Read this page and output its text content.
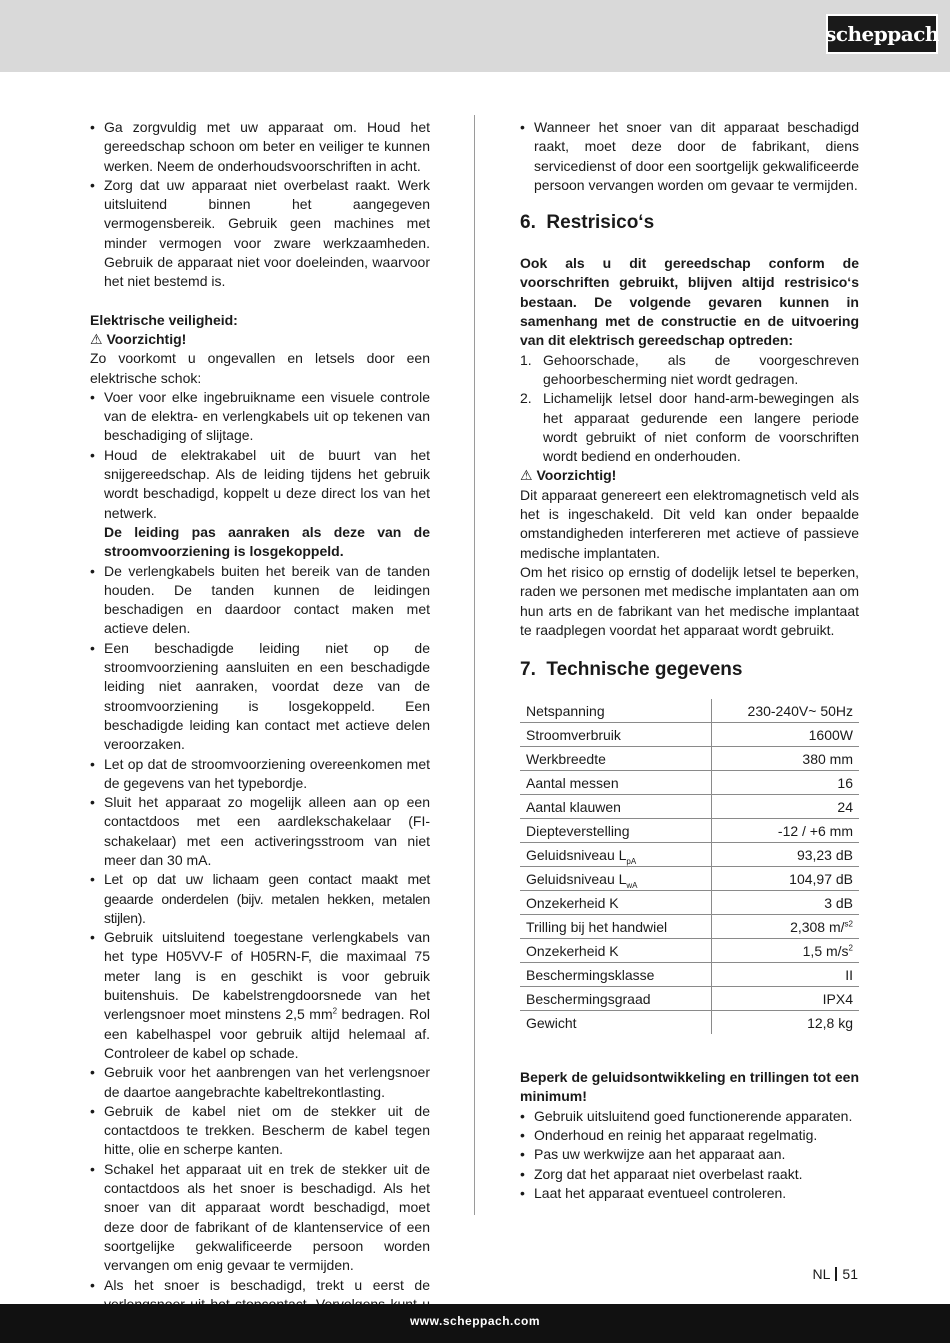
scheppach
• Ga zorgvuldig met uw apparaat om. Houd het gereedschap schoon om beter en veiliger te kunnen werken. Neem de onderhoudsvoorschriften in acht.
• Zorg dat uw apparaat niet overbelast raakt. Werk uitsluitend binnen het aangegeven vermogensbereik. Gebruik geen machines met minder vermogen voor zware werkzaamheden. Gebruik de apparaat niet voor doeleinden, waarvoor het niet bestemd is.

Elektrische veiligheid:

⚠ Voorzichtig!

Zo voorkomt u ongevallen en letsels door een elektrische schok:

• Voer voor elke ingebruikname een visuele controle van de elektra- en verlengkabels uit op tekenen van beschadiging of slijtage.
• Houd de elektrakabel uit de buurt van het snijgereedschap. Als de leiding tijdens het gebruik wordt beschadigd, koppelt u deze direct los van het netwerk.
De leiding pas aanraken als deze van de stroomvoorziening is losgekoppeld.
• De verlengkabels buiten het bereik van de tanden houden. De tanden kunnen de leidingen beschadigen en daardoor contact maken met actieve delen.
• Een beschadigde leiding niet op de stroomvoorziening aansluiten en een beschadigde leiding niet aanraken, voordat deze van de stroomvoorziening is losgekoppeld. Een beschadigde leiding kan contact met actieve delen veroorzaken.
• Let op dat de stroomvoorziening overeenkomen met de gegevens van het typebordje.
• Sluit het apparaat zo mogelijk alleen aan op een contactdoos met een aardlekschakelaar (FI-schakelaar) met een activeringsstroom van niet meer dan 30 mA.
• Let op dat uw lichaam geen contact maakt met geaarde onderdelen (bijv. metalen hekken, metalen stijlen).
• Gebruik uitsluitend toegestane verlengkabels van het type H05VV-F of H05RN-F, die maximaal 75 meter lang is en geschikt is voor gebruik buitenshuis. De kabelstrengdoorsnede van het verlengsnoer moet minstens 2,5 $mm^2$ bedragen. Rol een kabelhaspel voor gebruik altijd helemaal af. Controleer de kabel op schade.
• Gebruik voor het aanbrengen van het verlengsnoer de daartoe aangebrachte kabeltrekontlasting.
• Gebruik de kabel niet om de stekker uit de contactdoos te trekken. Bescherm de kabel tegen hitte, olie en scherpe kanten.
• Schakel het apparaat uit en trek de stekker uit de contactdoos als het snoer is beschadigd. Als het snoer van dit apparaat wordt beschadigd, moet deze door de fabrikant of de klantenservice of een soortgelijke gekwalificeerde persoon worden vervangen om enig gevaar te vermijden.
• Als het snoer is beschadigd, trekt u eerst de
• Wanneer het snoer van dit apparaat beschadigd raakt, moet deze door de fabrikant, diens servicedienst of door een soortgelijk gekwalificeerde persoon vervangen worden om gevaar te vermijden.
6. Restrisico‘s

Ook als u dit gereedschap conform de voorschriften gebruikt, blijven altijd restrisico‘s bestaan. De volgende gevaren kunnen in samenhang met de constructie en de uitvoering van dit elektrisch gereedschap optreden:

1. Gehoorschade, als de voorgeschreven gehoorbescherming niet wordt gedragen.
2. Lichamelijk letsel door hand-arm-bewegingen als het apparaat gedurende een langere periode wordt gebruikt of niet conform de voorschriften wordt bediend en onderhouden.

⚠ Voorzichtig!

Dit apparaat genereert een elektromagnetisch veld als het is ingeschakeld. Dit veld kan onder bepaalde omstandigheden interfereren met actieve of passieve medische implantaten.

Om het risico op ernstig of dodelijk letsel te beperken, raden we personen met medische implantaten aan om hun arts en de fabrikant van het medische implantaat te raadplegen voordat het apparaat wordt gebruikt.

7. Technische gegevens
Netspanning	230-240V~ 50Hz
Stroomverbruik	1600W
Werkbreedte	380 mm
Aantal messen	16
Aantal klauwen	24
Diepteverstelling	-12 / +6 mm
Geluidsniveau $L_{pA}$	93,23 dB
Geluidsniveau $L_{wA}$	104,97 dB
Onzekerheid K	3 dB
Trilling bij het handwiel	2,308 m/$^{s2}$
Onzekerheid K	1,5 $m/s^2$
Beschermingsklasse	II
Beschermingsgraad	IPX4
Gewicht	12,8 kg

Beperk de geluidsontwikkeling en trillingen tot een minimum!

• Gebruik uitsluitend goed functionerende apparaten.
• Onderhoud en reinig het apparaat regelmatig.
• Pas uw werkwijze aan het apparaat aan.
• Zorg dat het apparaat niet overbelast raakt.
• Laat het apparaat eventueel controleren.
NL 51
www.scheppach.com
